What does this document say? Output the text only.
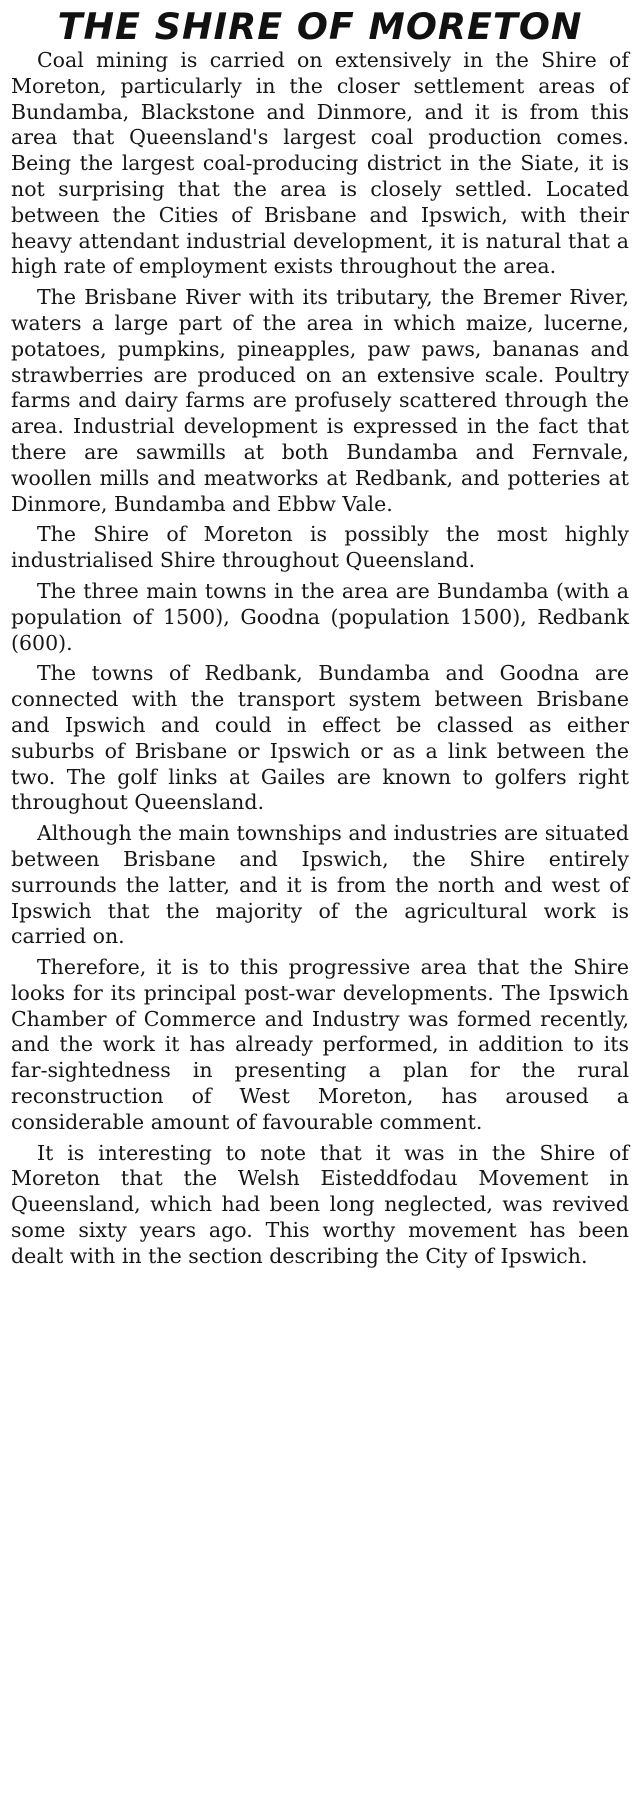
THE SHIRE OF MORETON

Coal mining is carried on extensively in the Shire of Moreton, particularly in the closer settlement areas of Bundamba, Blackstone and Dinmore, and it is from this area that Queensland's largest coal production comes. Being the largest coal-producing district in the Siate, it is not surprising that the area is closely settled. Located between the Cities of Brisbane and Ipswich, with their heavy attendant industrial development, it is natural that a high rate of employment exists throughout the area.

The Brisbane River with its tributary, the Bremer River, waters a large part of the area in which maize, lucerne, potatoes, pumpkins, pineapples, paw paws, bananas and strawberries are produced on an extensive scale. Poultry farms and dairy farms are profusely scattered through the area. Industrial development is expressed in the fact that there are sawmills at both Bundamba and Fernvale, woollen mills and meatworks at Redbank, and potteries at Dinmore, Bundamba and Ebbw Vale.

The Shire of Moreton is possibly the most highly industrialised Shire throughout Queensland.

The three main towns in the area are Bundamba (with a population of 1500), Goodna (population 1500), Redbank (600).

The towns of Redbank, Bundamba and Goodna are connected with the transport system between Brisbane and Ipswich and could in effect be classed as either suburbs of Brisbane or Ipswich or as a link between the two. The golf links at Gailes are known to golfers right throughout Queensland.

Although the main townships and industries are situated between Brisbane and Ipswich, the Shire entirely surrounds the latter, and it is from the north and west of Ipswich that the majority of the agricultural work is carried on.

Therefore, it is to this progressive area that the Shire looks for its principal post-war developments. The Ipswich Chamber of Commerce and Industry was formed recently, and the work it has already performed, in addition to its far-sightedness in presenting a plan for the rural reconstruction of West Moreton, has aroused a considerable amount of favourable comment.

It is interesting to note that it was in the Shire of Moreton that the Welsh Eisteddfodau Movement in Queensland, which had been long neglected, was revived some sixty years ago. This worthy movement has been dealt with in the section describing the City of Ipswich.
